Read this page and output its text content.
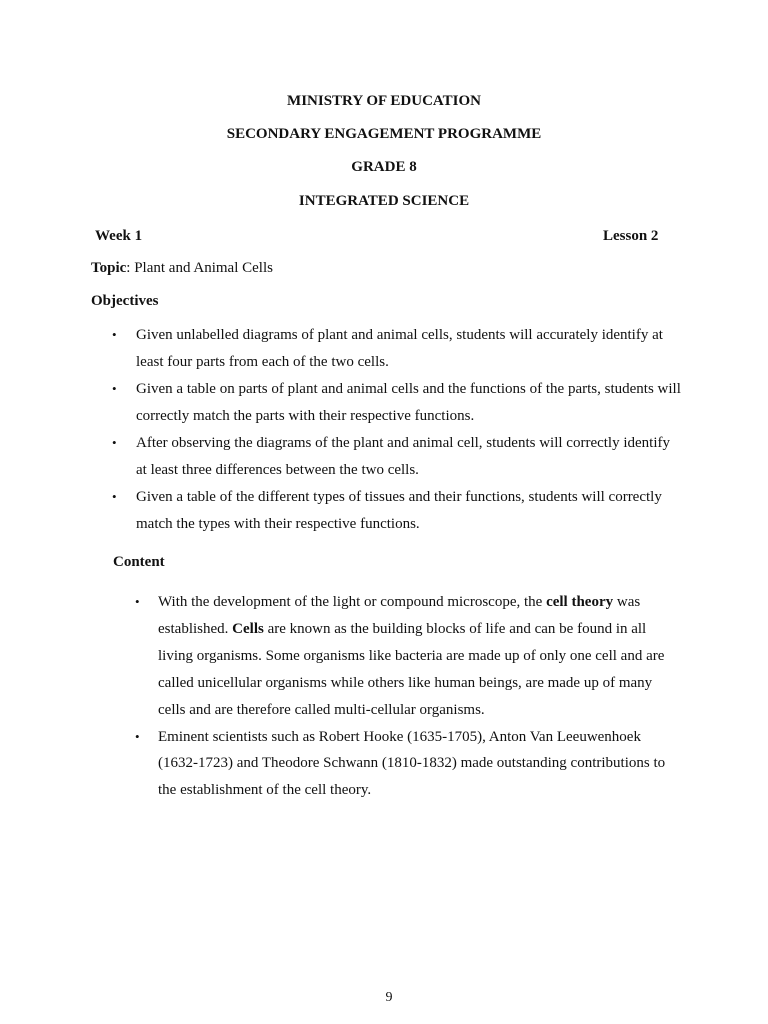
MINISTRY OF EDUCATION
SECONDARY ENGAGEMENT PROGRAMME
GRADE 8
INTEGRATED SCIENCE
Week 1	Lesson 2
Topic: Plant and Animal Cells
Objectives
• Given unlabelled diagrams of plant and animal cells, students will accurately identify at least four parts from each of the two cells.
• Given a table on parts of plant and animal cells and the functions of the parts, students will correctly match the parts with their respective functions.
• After observing the diagrams of the plant and animal cell, students will correctly identify at least three differences between the two cells.
• Given a table of the different types of tissues and their functions, students will correctly match the types with their respective functions.
Content
• With the development of the light or compound microscope, the cell theory was established. Cells are known as the building blocks of life and can be found in all living organisms. Some organisms like bacteria are made up of only one cell and are called unicellular organisms while others like human beings, are made up of many cells and are therefore called multi-cellular organisms.
• Eminent scientists such as Robert Hooke (1635-1705), Anton Van Leeuwenhoek (1632-1723) and Theodore Schwann (1810-1832) made outstanding contributions to the establishment of the cell theory.
9
